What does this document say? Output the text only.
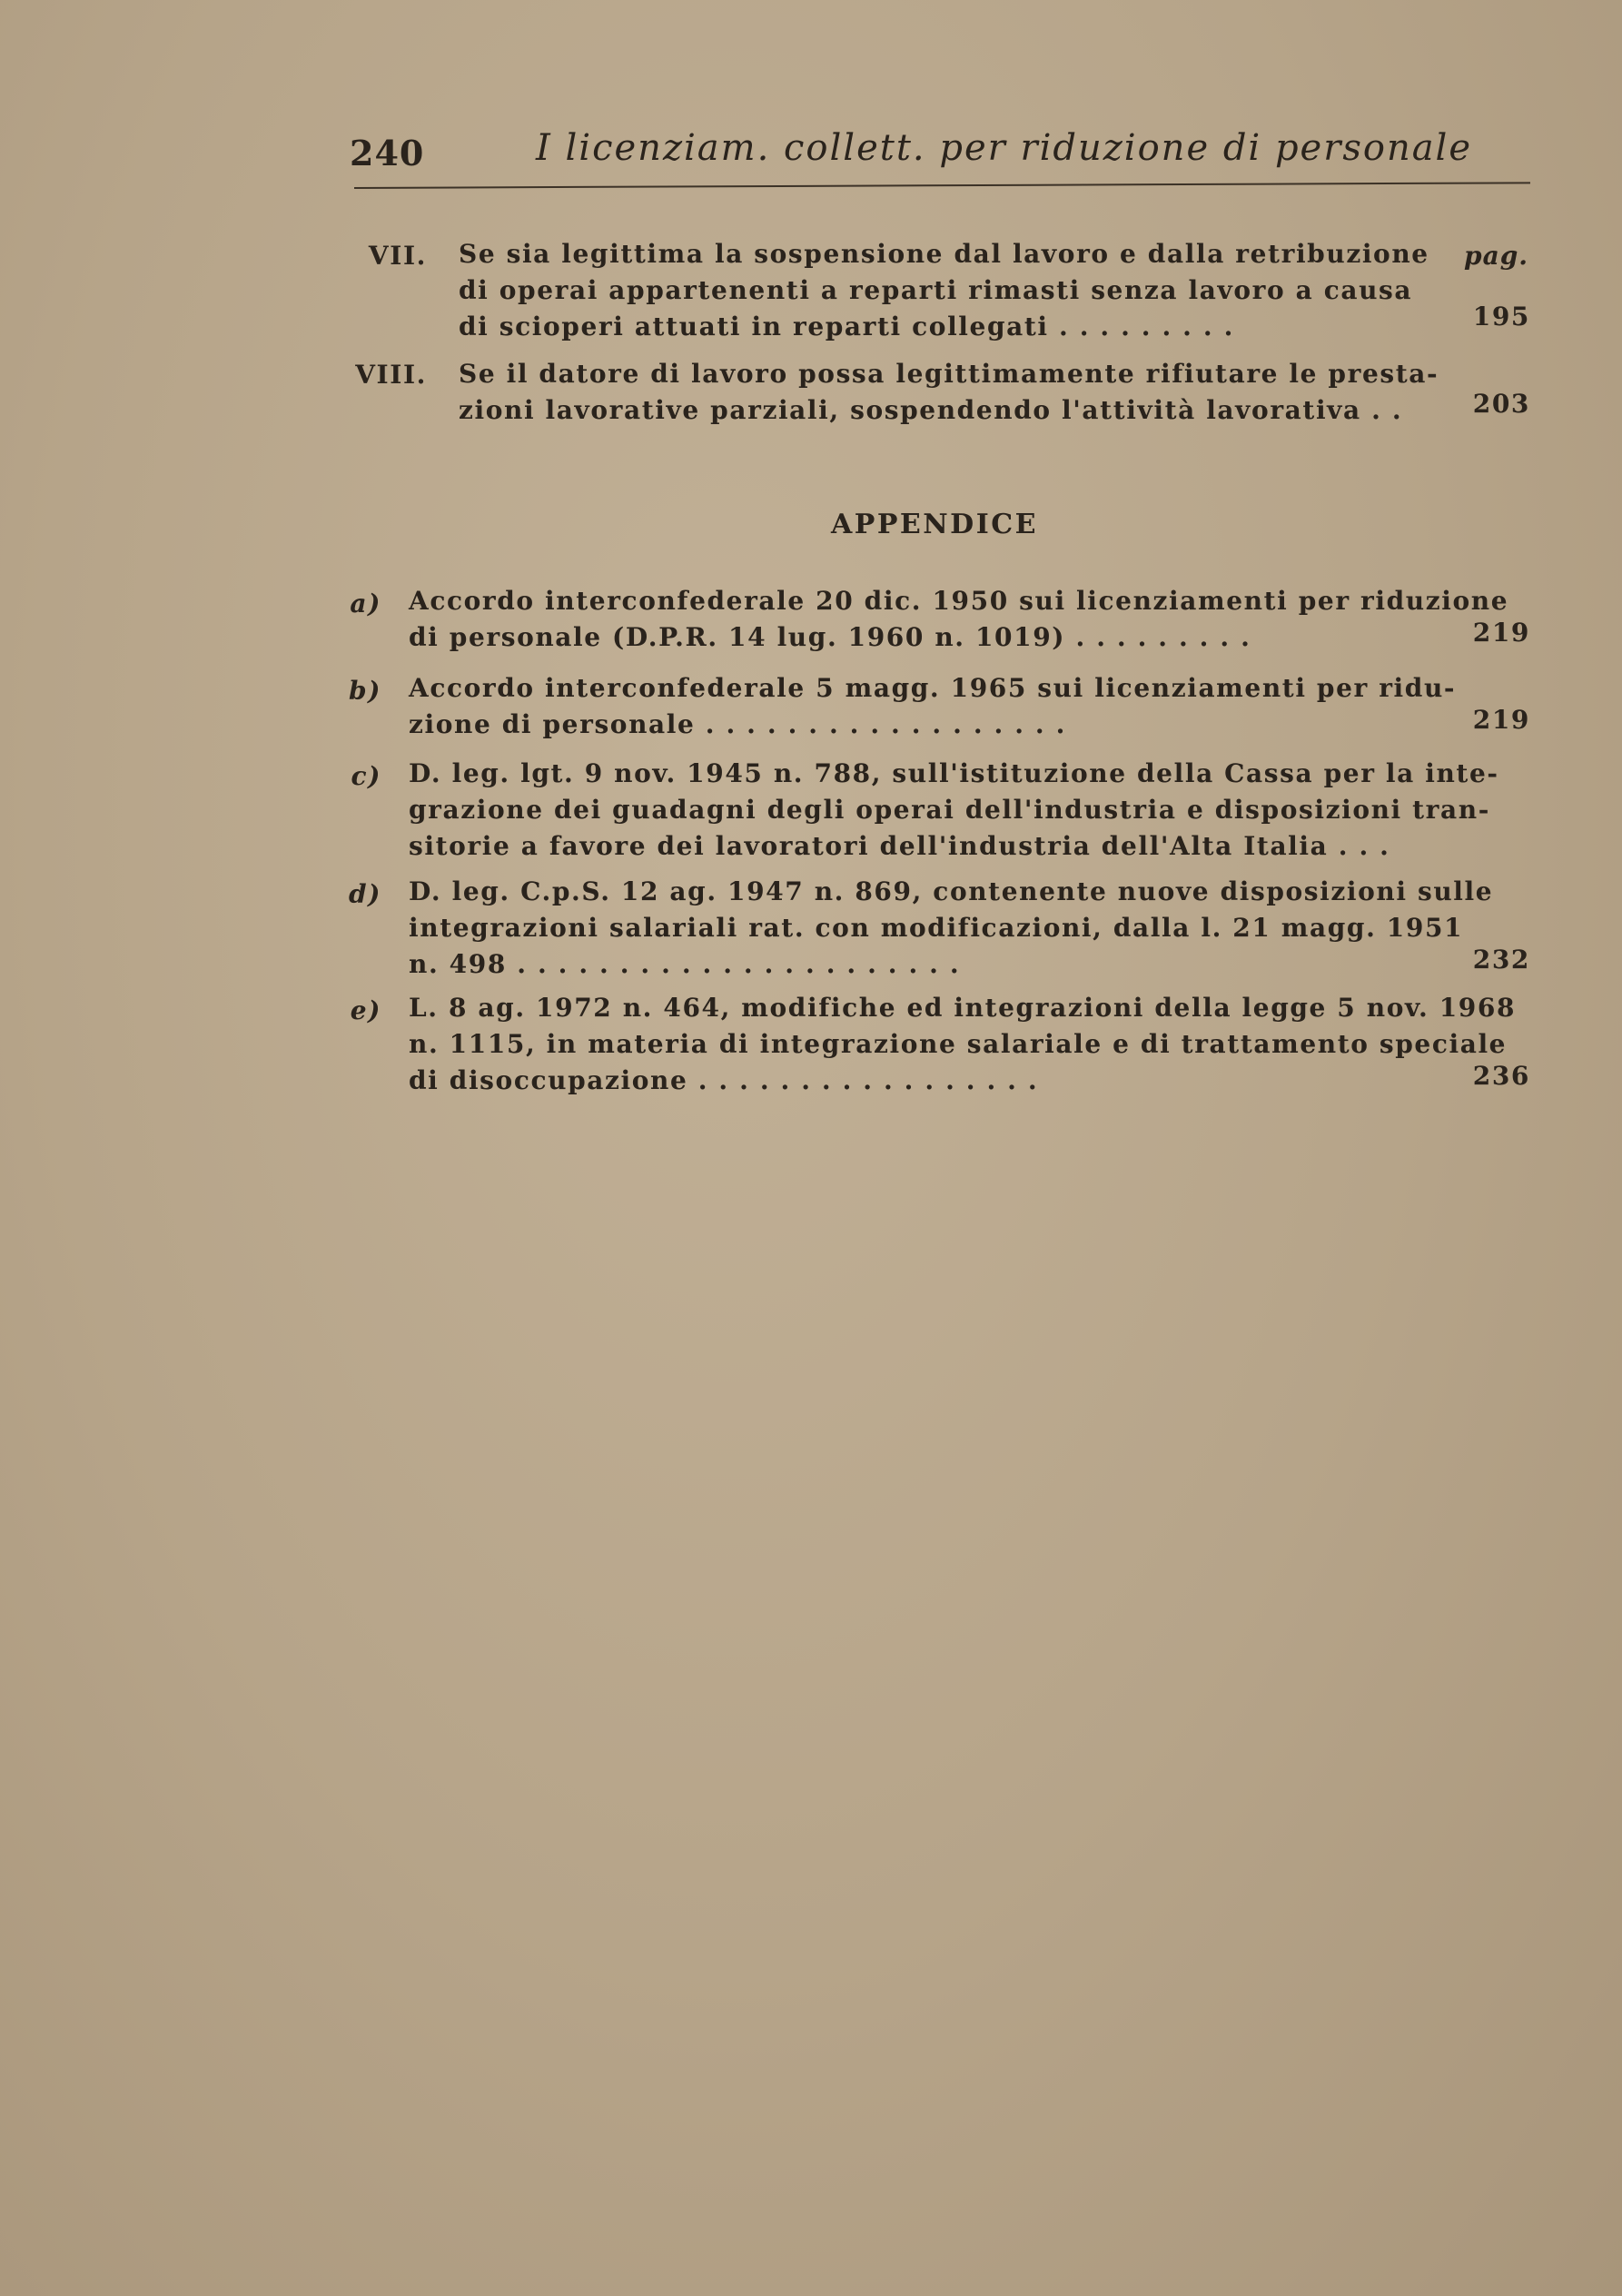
240	I licenziam. collett. per riduzione di personale
pag.
VII. Se sia legittima la sospensione dal lavoro e dalla retribuzione
di operai appartenenti a reparti rimasti senza lavoro a causa
di scioperi attuati in reparti collegati . . . . . . . . .	195
VIII. Se il datore di lavoro possa legittimamente rifiutare le presta-
zioni lavorative parziali, sospendendo l'attività lavorativa . .	203
APPENDICE
a) Accordo interconfederale 20 dic. 1950 sui licenziamenti per riduzione
di personale (D.P.R. 14 lug. 1960 n. 1019) . . . . . . . . .	219
b) Accordo interconfederale 5 magg. 1965 sui licenziamenti per ridu-
zione di personale . . . . . . . . . . . . . . . . . .	219
c) D. leg. lgt. 9 nov. 1945 n. 788, sull'istituzione della Cassa per la inte-
grazione dei guadagni degli operai dell'industria e disposizioni tran-
sitorie a favore dei lavoratori dell'industria dell'Alta Italia . . .
d) D. leg. C.p.S. 12 ag. 1947 n. 869, contenente nuove disposizioni sulle
integrazioni salariali rat. con modificazioni, dalla l. 21 magg. 1951
n. 498 . . . . . . . . . . . . . . . . . . . . . .	232
e) L. 8 ag. 1972 n. 464, modifiche ed integrazioni della legge 5 nov. 1968
n. 1115, in materia di integrazione salariale e di trattamento speciale
di disoccupazione . . . . . . . . . . . . . . . . .	236
